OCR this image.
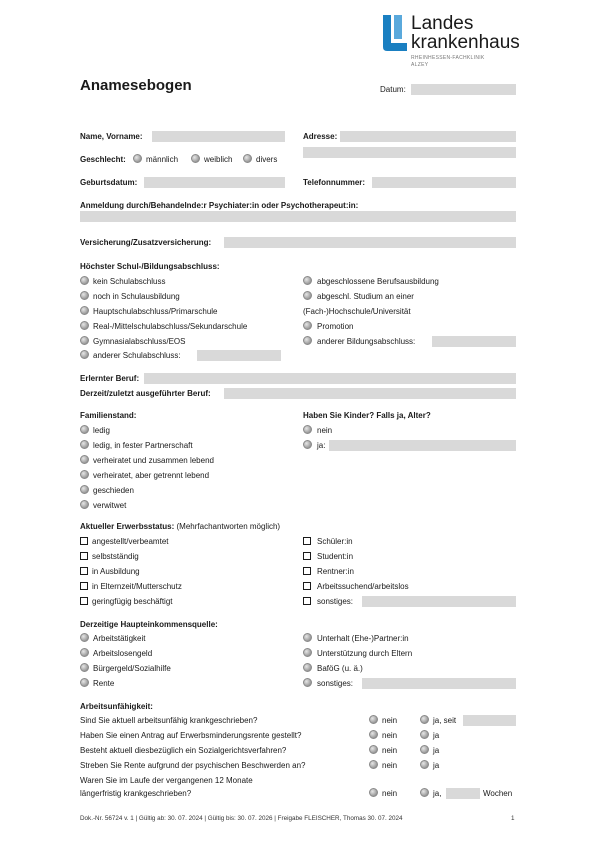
Landes
krankenhaus
RHEINHESSEN-FACHKLINIK
ALZEY
Anamesebogen	Datum:
Name, Vorname:	Adresse:
Geschlecht:	männlich	weiblich	divers
Geburtsdatum:	Telefonnummer:
Anmeldung durch/Behandelnde:r Psychiater:in oder Psychotherapeut:in:
Versicherung/Zusatzversicherung:
Höchster Schul-/Bildungsabschluss:
kein Schulabschluss
noch in Schulausbildung
Hauptschulabschluss/Primarschule
Real-/Mittelschulabschluss/Sekundarschule
Gymnasialabschluss/EOS
anderer Schulabschluss:
abgeschlossene Berufsausbildung
abgeschl. Studium an einer
(Fach-)Hochschule/Universität
Promotion
anderer Bildungsabschluss:
Erlernter Beruf:
Derzeit/zuletzt ausgeführter Beruf:
Familienstand:
ledig
ledig, in fester Partnerschaft
verheiratet und zusammen lebend
verheiratet, aber getrennt lebend
geschieden
verwitwet
Haben Sie Kinder? Falls ja, Alter?
nein
ja:
Aktueller Erwerbsstatus: (Mehrfachantworten möglich)
angestellt/verbeamtet
selbstständig
in Ausbildung
in Elternzeit/Mutterschutz
geringfügig beschäftigt
Schüler:in
Student:in
Rentner:in
Arbeitssuchend/arbeitslos
sonstiges:
Derzeitige Haupteinkommensquelle:
Arbeitstätigkeit
Arbeitslosengeld
Bürgergeld/Sozialhilfe
Rente
Unterhalt (Ehe-)Partner:in
Unterstützung durch Eltern
BaföG (u. ä.)
sonstiges:
Arbeitsunfähigkeit:
Sind Sie aktuell arbeitsunfähig krankgeschrieben?	nein	ja, seit
Haben Sie einen Antrag auf Erwerbsminderungsrente gestellt?	nein	ja
Besteht aktuell diesbezüglich ein Sozialgerichtsverfahren?	nein	ja
Streben Sie Rente aufgrund der psychischen Beschwerden an?	nein	ja
Waren Sie im Laufe der vergangenen 12 Monate
längerfristig krankgeschrieben?	nein	ja,	Wochen
Dok.-Nr. 56724 v. 1 | Gültig ab: 30. 07. 2024 | Gültig bis: 30. 07. 2026 | Freigabe FLEISCHER, Thomas 30. 07. 2024	1
